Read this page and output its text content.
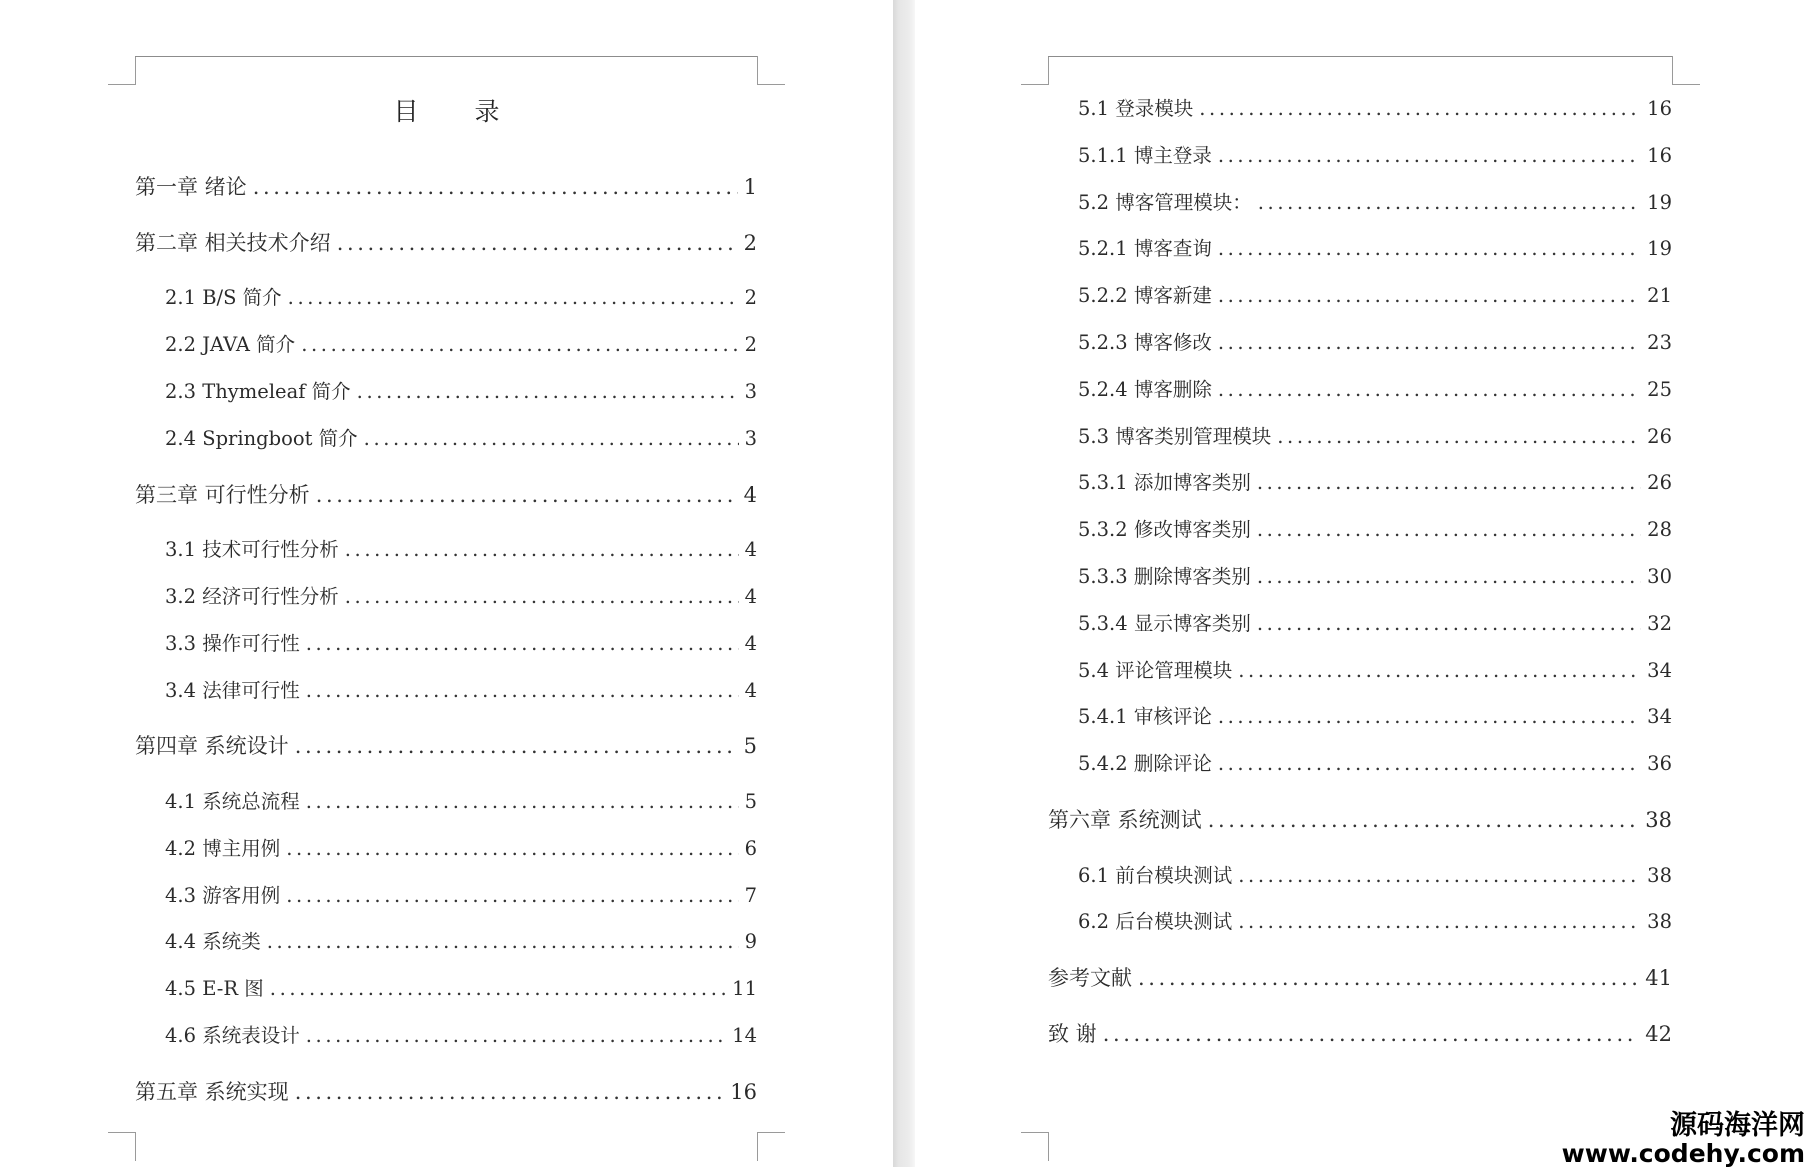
目 录
第一章 绪论 .....	1
第二章 相关技术介绍 .....	2
2.1 B/S 简介 .....	2
2.2 JAVA 简介 .....	2
2.3 Thymeleaf 简介 .....	3
2.4 Springboot 简介 .....	3
第三章 可行性分析 .....	4
3.1 技术可行性分析 .....	4
3.2 经济可行性分析 .....	4
3.3 操作可行性 .....	4
3.4 法律可行性 .....	4
第四章 系统设计 .....	5
4.1 系统总流程 .....	5
4.2 博主用例 .....	6
4.3 游客用例 .....	7
4.4 系统类 .....	9
4.5 E-R 图 .....	11
4.6 系统表设计 .....	14
第五章 系统实现 .....	16
5.1 登录模块 .....	16
5.1.1 博主登录 .....	16
5.2 博客管理模块： .....	19
5.2.1 博客查询 .....	19
5.2.2 博客新建 .....	21
5.2.3 博客修改 .....	23
5.2.4 博客删除 .....	25
5.3 博客类别管理模块 .....	26
5.3.1 添加博客类别 .....	26
5.3.2 修改博客类别 .....	28
5.3.3 删除博客类别 .....	30
5.3.4 显示博客类别 .....	32
5.4 评论管理模块 .....	34
5.4.1 审核评论 .....	34
5.4.2 删除评论 .....	36
第六章 系统测试 .....	38
6.1 前台模块测试 .....	38
6.2 后台模块测试 .....	38
参考文献 .....	41
致 谢 .....	42
源码海洋网
www.codehy.com
